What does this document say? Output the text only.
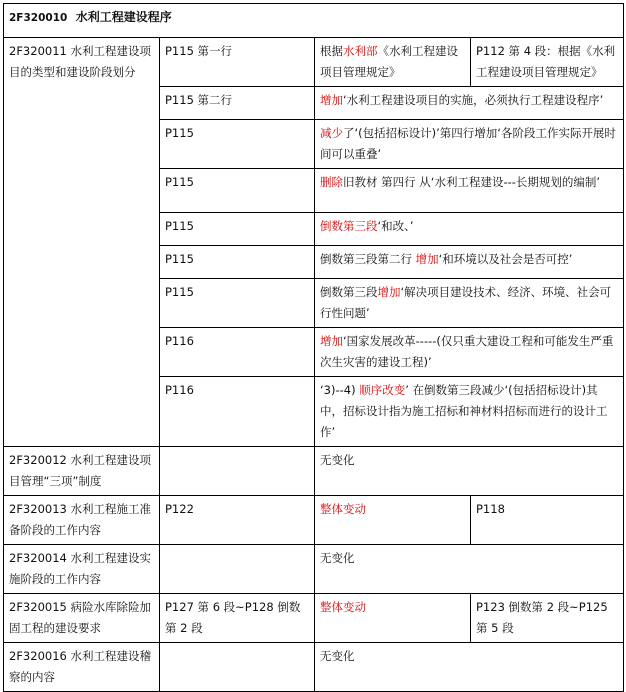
2F320010 水利工程建设程序			
2F320011 水利工程建设项目的类型和建设阶段划分	P115 第一行	根据水利部《水利工程建设项目管理规定》	P112 第 4 段：根据《水利工程建设项目管理规定》
	P115 第二行	增加‘水利工程建设项目的实施，必须执行工程建设程序’	
	P115	减少了‘(包括招标设计)’第四行增加‘各阶段工作实际开展时间可以重叠’	
	P115	删除旧教材 第四行 从‘水利工程建设---长期规划的编制’	
	P115	倒数第三段‘和改、’	
	P115	倒数第三段第二行 增加‘和环境以及社会是否可控’	
	P115	倒数第三段增加‘解决项目建设技术、经济、环境、社会可行性问题’	
	P116	增加‘国家发展改革-----(仅只重大建设工程和可能发生严重次生灾害的建设工程)’	
	P116	‘3)--4) 顺序改变’ 在倒数第三段减少‘(包括招标设计)其中，招标设计指为施工招标和神材料招标而进行的设计工作’	
2F320012 水利工程建设项目管理“三项”制度		无变化	
2F320013 水利工程施工准备阶段的工作内容	P122	整体变动	P118
2F320014 水利工程建设实施阶段的工作内容		无变化	
2F320015 病险水库除险加固工程的建设要求	P127 第 6 段~P128 倒数第 2 段	整体变动	P123 倒数第 2 段~P125 第 5 段
2F320016 水利工程建设稽察的内容		无变化	
